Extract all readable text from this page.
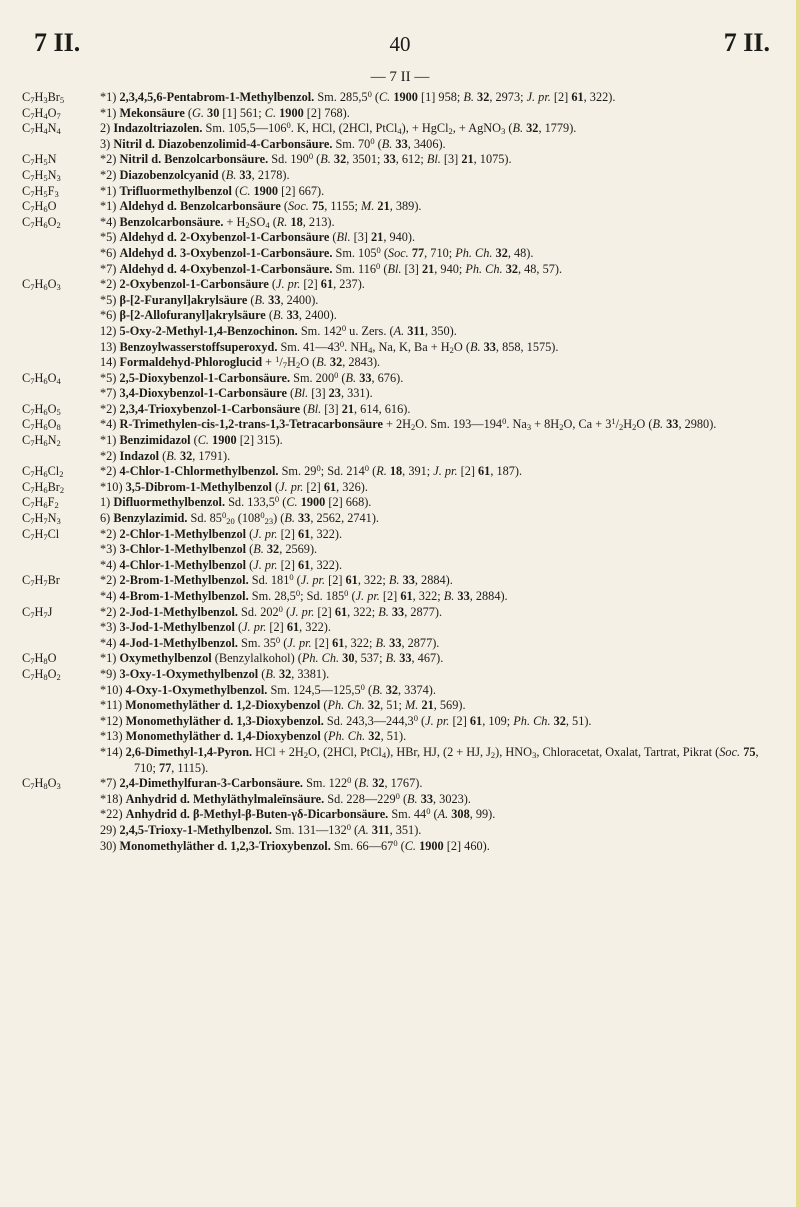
7 II.	40	7 II.
— 7 II —
$C_7H_3Br_5$	*1) 2,3,4,5,6-Pentabrom-1-Methylbenzol. Sm. 285,5$^0$ (C. 1900 [1] 958; B. 32, 2973; J. pr. [2] 61, 322).
$C_7H_4O_7$	*1) Mekonsäure (G. 30 [1] 561; C. 1900 [2] 768).
$C_7H_4N_4$	2) Indazoltriazolen. Sm. $105,5—106^0$. K, HCl, (2HCl, PtCl$_4$), + HgCl$_2$, + AgNO$_3$ (B. 32, 1779).
3) Nitril d. Diazobenzolimid-4-Carbonsäure. Sm. $70^0$ (B. 33, 3406).
$C_7H_5N$	*2) Nitril d. Benzolcarbonsäure. Sd. $190^0$ (B. 32, 3501; 33, 612; Bl. [3] 21, 1075).
$C_7H_5N_3$	*2) Diazobenzolcyanid (B. 33, 2178).
$C_7H_5F_3$	*1) Trifluormethylbenzol (C. 1900 [2] 667).
$C_7H_6O$	*1) Aldehyd d. Benzolcarbonsäure (Soc. 75, 1155; M. 21, 389).
$C_7H_6O_2$	*4) Benzolcarbonsäure. + $H_2SO_4$ (R. 18, 213).
*5) Aldehyd d. 2-Oxybenzol-1-Carbonsäure (Bl. [3] 21, 940).
*6) Aldehyd d. 3-Oxybenzol-1-Carbonsäure. Sm. $105^0$ (Soc. 77, 710; Ph. Ch. 32, 48).
*7) Aldehyd d. 4-Oxybenzol-1-Carbonsäure. Sm. $116^0$ (Bl. [3] 21, 940; Ph. Ch. 32, 48, 57).
$C_7H_6O_3$	*2) 2-Oxybenzol-1-Carbonsäure (J. pr. [2] 61, 237).
*5) β-[2-Furanyl]akrylsäure (B. 33, 2400).
*6) β-[2-Allofuranyl]akrylsäure (B. 33, 2400).
12) 5-Oxy-2-Methyl-1,4-Benzochinon. Sm. $142^0$ u. Zers. (A. 311, 350).
13) Benzoylwasserstoffsuperoxyd. Sm. $41—43^0$. $NH_4$, Na, K, $Ba + H_2O$ (B. 33, 858, 1575).
14) Formaldehyd-Phloroglucid + $^1/_7H_2O$ (B. 32, 2843).
$C_7H_6O_4$	*5) 2,5-Dioxybenzol-1-Carbonsäure. Sm. $200^0$ (B. 33, 676).
*7) 3,4-Dioxybenzol-1-Carbonsäure (Bl. [3] 23, 331).
$C_7H_6O_5$	*2) 2,3,4-Trioxybenzol-1-Carbonsäure (Bl. [3] 21, 614, 616).
$C_7H_6O_8$	*4) R-Trimethylen-cis-1,2-trans-1,3-Tetracarbonsäure + $2H_2O$. Sm. $193—194^0$. $Na_3 + 8H_2O$, $Ca + 3^1/_2H_2O$ (B. 33, 2980).
$C_7H_6N_2$	*1) Benzimidazol (C. 1900 [2] 315).
*2) Indazol (B. 32, 1791).
$C_7H_6Cl_2$	*2) 4-Chlor-1-Chlormethylbenzol. Sm. $29^0$; Sd. $214^0$ (R. 18, 391; J. pr. [2] 61, 187).
$C_7H_6Br_2$	*10) 3,5-Dibrom-1-Methylbenzol (J. pr. [2] 61, 326).
$C_7H_6F_2$	1) Difluormethylbenzol. Sd. 133,5$^0$ (C. 1900 [2] 668).
$C_7H_7N_3$	6) Benzylazimid. Sd. $85^0_{20}$ $(108^0_{23})$ (B. 33, 2562, 2741).
$C_7H_7Cl$	*2) 2-Chlor-1-Methylbenzol (J. pr. [2] 61, 322).
*3) 3-Chlor-1-Methylbenzol (B. 32, 2569).
*4) 4-Chlor-1-Methylbenzol (J. pr. [2] 61, 322).
$C_7H_7Br$	*2) 2-Brom-1-Methylbenzol. Sd. $181^0$ (J. pr. [2] 61, 322; B. 33, 2884).
*4) 4-Brom-1-Methylbenzol. Sm. 28,5$^0$; Sd. $185^0$ (J. pr. [2] 61, 322; B. 33, 2884).
$C_7H_7J$	*2) 2-Jod-1-Methylbenzol. Sd. $202^0$ (J. pr. [2] 61, 322; B. 33, 2877).
*3) 3-Jod-1-Methylbenzol (J. pr. [2] 61, 322).
*4) 4-Jod-1-Methylbenzol. Sm. $35^0$ (J. pr. [2] 61, 322; B. 33, 2877).
$C_7H_8O$	*1) Oxymethylbenzol (Benzylalkohol) (Ph. Ch. 30, 537; B. 33, 467).
$C_7H_8O_2$	*9) 3-Oxy-1-Oxymethylbenzol (B. 32, 3381).
*10) 4-Oxy-1-Oxymethylbenzol. Sm. 124,5—125,5$^0$ (B. 32, 3374).
*11) Monomethyläther d. 1,2-Dioxybenzol (Ph. Ch. 32, 51; M. 21, 569).
*12) Monomethyläther d. 1,3-Dioxybenzol. Sd. 243,3—244,3$^0$ (J. pr. [2] 61, 109; Ph. Ch. 32, 51).
*13) Monomethyläther d. 1,4-Dioxybenzol (Ph. Ch. 32, 51).
*14) 2,6-Dimethyl-1,4-Pyron. HCl + $2H_2O$, (2HCl, PtCl$_4$), HBr, HJ, (2 + HJ, $J_2$), $HNO_3$, Chloracetat, Oxalat, Tartrat, Pikrat (Soc. 75, 710; 77, 1115).
$C_7H_8O_3$	*7) 2,4-Dimethylfuran-3-Carbonsäure. Sm. $122^0$ (B. 32, 1767).
*18) Anhydrid d. Methyläthylmaleïnsäure. Sd. $228—229^0$ (B. 33, 3023).
*22) Anhydrid d. β-Methyl-β-Buten-γδ-Dicarbonsäure. Sm. $44^0$ (A. 308, 99).
29) 2,4,5-Trioxy-1-Methylbenzol. Sm. $131—132^0$ (A. 311, 351).
30) Monomethyläther d. 1,2,3-Trioxybenzol. Sm. $66—67^0$ (C. 1900 [2] 460).
